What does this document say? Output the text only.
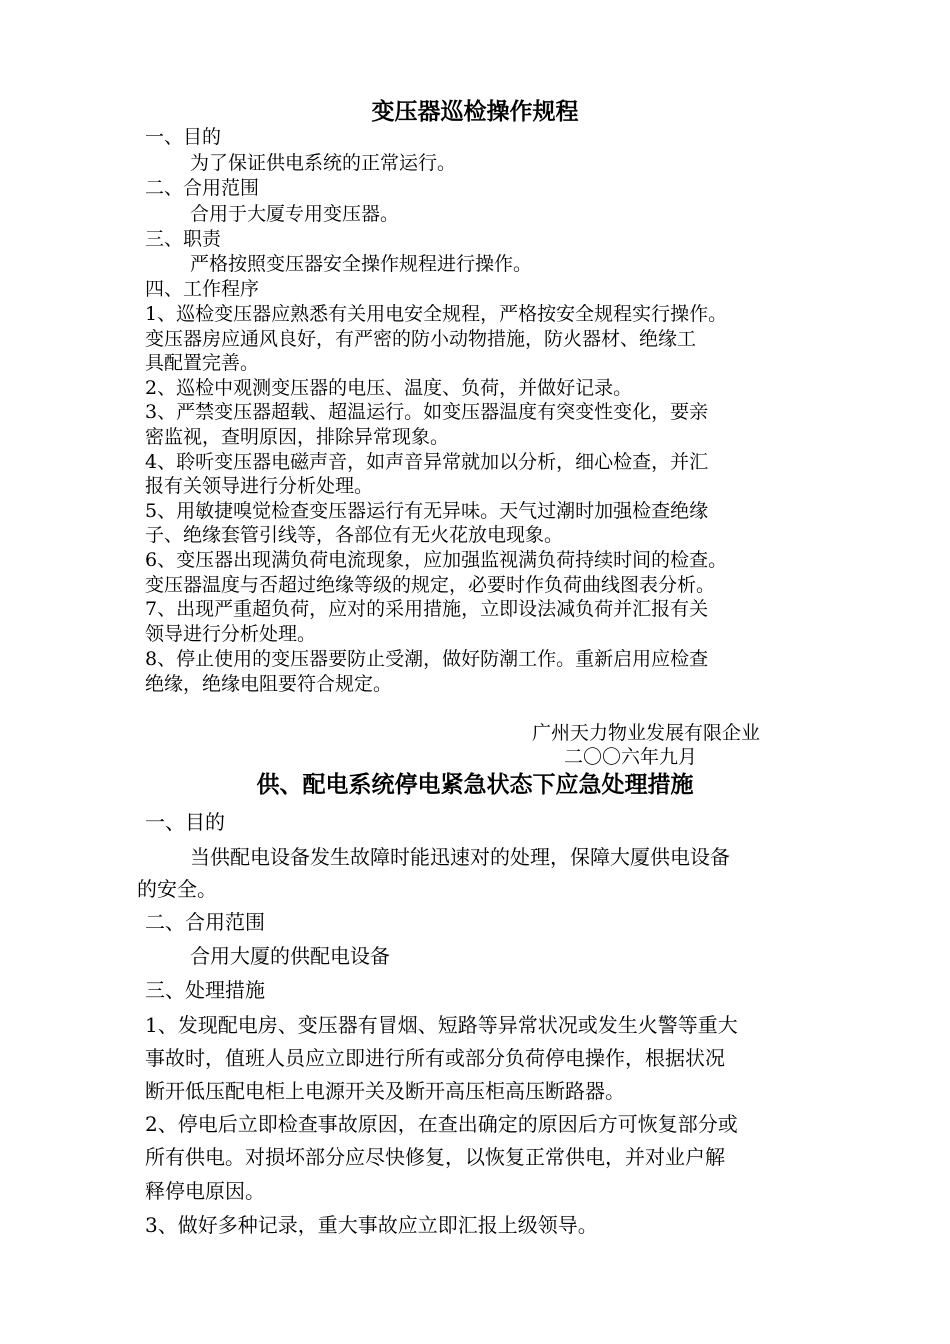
变压器巡检操作规程

一、目的

为了保证供电系统的正常运行。

二、合用范围

合用于大厦专用变压器。

三、职责

严格按照变压器安全操作规程进行操作。

四、工作程序

1、巡检变压器应熟悉有关用电安全规程，严格按安全规程实行操作。

变压器房应通风良好，有严密的防小动物措施，防火器材、绝缘工

具配置完善。

2、巡检中观测变压器的电压、温度、负荷，并做好记录。

3、严禁变压器超载、超温运行。如变压器温度有突变性变化，要亲

密监视，查明原因，排除异常现象。

4、聆听变压器电磁声音，如声音异常就加以分析，细心检查，并汇

报有关领导进行分析处理。

5、用敏捷嗅觉检查变压器运行有无异味。天气过潮时加强检查绝缘

子、绝缘套管引线等，各部位有无火花放电现象。

6、变压器出现满负荷电流现象，应加强监视满负荷持续时间的检查。

变压器温度与否超过绝缘等级的规定，必要时作负荷曲线图表分析。

7、出现严重超负荷，应对的采用措施，立即设法减负荷并汇报有关

领导进行分析处理。

8、停止使用的变压器要防止受潮，做好防潮工作。重新启用应检查

绝缘，绝缘电阻要符合规定。

广州天力物业发展有限企业

二〇〇六年九月

供、配电系统停电紧急状态下应急处理措施

一、目的

当供配电设备发生故障时能迅速对的处理，保障大厦供电设备

的安全。

二、合用范围

合用大厦的供配电设备

三、处理措施

1、发现配电房、变压器有冒烟、短路等异常状况或发生火警等重大

事故时，值班人员应立即进行所有或部分负荷停电操作，根据状况

断开低压配电柜上电源开关及断开高压柜高压断路器。

2、停电后立即检查事故原因，在查出确定的原因后方可恢复部分或

所有供电。对损坏部分应尽快修复，以恢复正常供电，并对业户解

释停电原因。

3、做好多种记录，重大事故应立即汇报上级领导。
